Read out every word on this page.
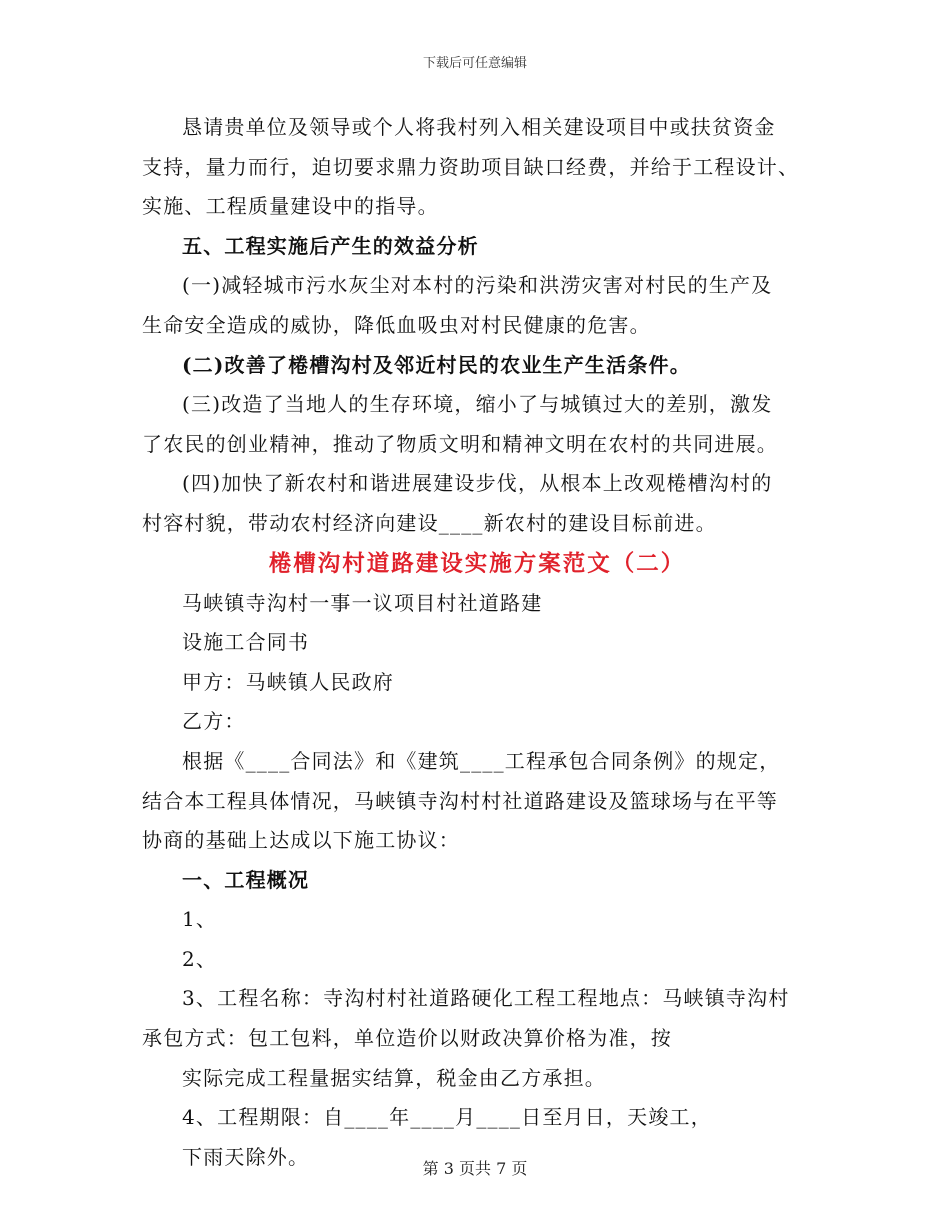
下载后可任意编辑

恳请贵单位及领导或个人将我村列入相关建设项目中或扶贫资金

支持，量力而行，迫切要求鼎力资助项目缺口经费，并给于工程设计、

实施、工程质量建设中的指导。

五、工程实施后产生的效益分析

(一)减轻城市污水灰尘对本村的污染和洪涝灾害对村民的生产及

生命安全造成的威协，降低血吸虫对村民健康的危害。

(二)改善了棬槽沟村及邻近村民的农业生产生活条件。

(三)改造了当地人的生存环境，缩小了与城镇过大的差别，激发

了农民的创业精神，推动了物质文明和精神文明在农村的共同进展。

(四)加快了新农村和谐进展建设步伐，从根本上改观棬槽沟村的

村容村貌，带动农村经济向建设____新农村的建设目标前进。

棬槽沟村道路建设实施方案范文（二）

马峡镇寺沟村一事一议项目村社道路建

设施工合同书

甲方：马峡镇人民政府

乙方：

根据《____合同法》和《建筑____工程承包合同条例》的规定，

结合本工程具体情况，马峡镇寺沟村村社道路建设及篮球场与在平等

协商的基础上达成以下施工协议：

一、工程概况

1、

2、

3、工程名称：寺沟村村社道路硬化工程工程地点：马峡镇寺沟村

承包方式：包工包料，单位造价以财政决算价格为准，按

实际完成工程量据实结算，税金由乙方承担。

4、工程期限：自____年____月____日至月日，天竣工，

下雨天除外。	第 3 页共 7 页
